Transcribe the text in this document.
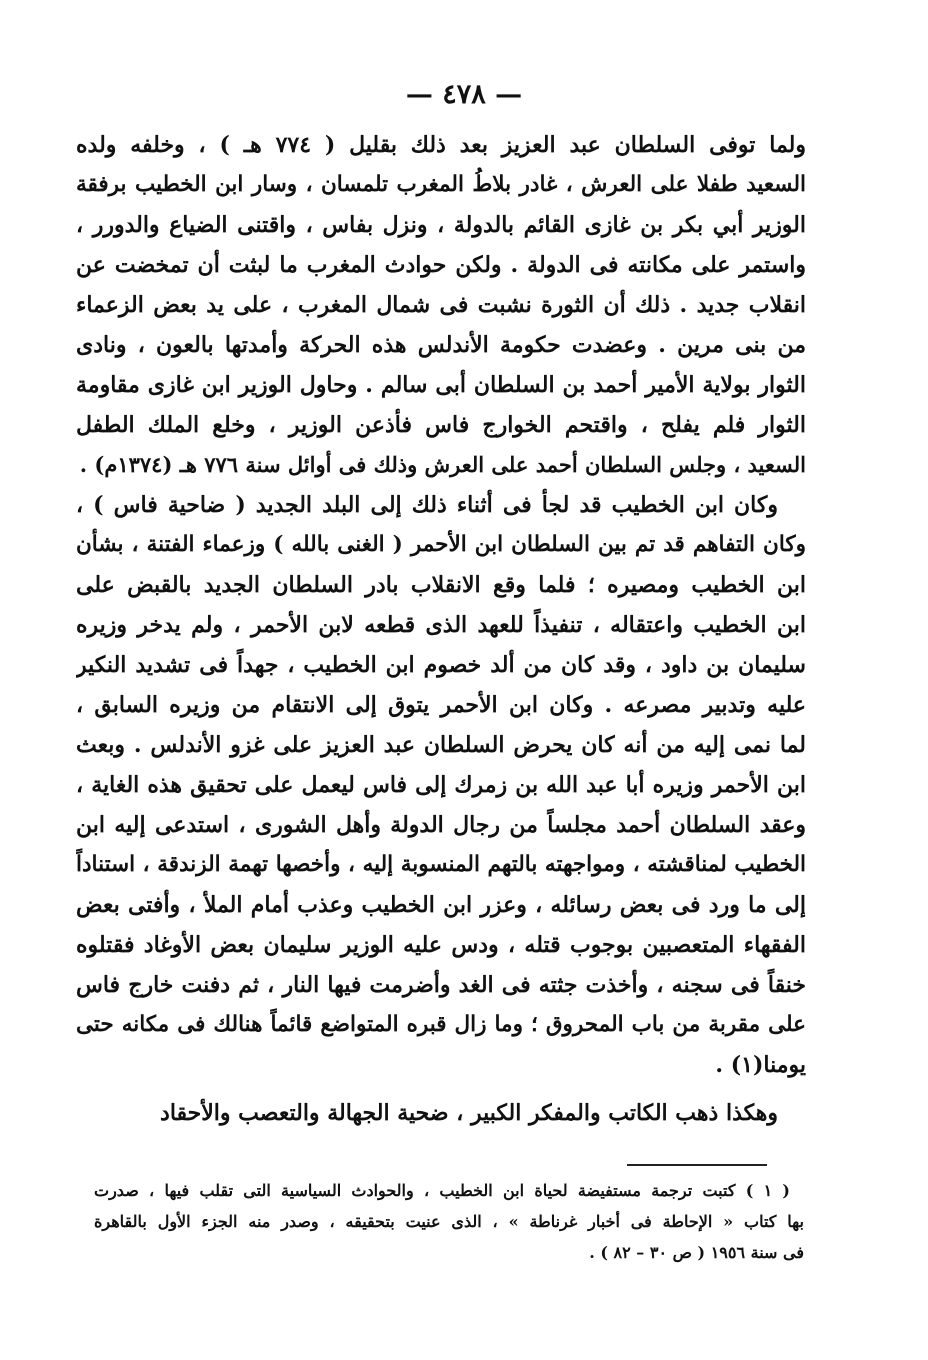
— ٤٧٨ —
ولما توفى السلطان عبد العزيز بعد ذلك بقليل ( ٧٧٤ هـ ) ، وخلفه ولده
السعيد طفلا على العرش ، غادر بلاطُ المغرب تلمسان ، وسار ابن الخطيب برفقة
الوزير أبي بكر بن غازى القائم بالدولة ، ونزل بفاس ، واقتنى الضياع والدورر ،
واستمر على مكانته فى الدولة . ولكن حوادث المغرب ما لبثت أن تمخضت عن
انقلاب جديد . ذلك أن الثورة نشبت فى شمال المغرب ، على يد بعض الزعماء
من بنى مرين . وعضدت حكومة الأندلس هذه الحركة وأمدتها بالعون ، ونادى
الثوار بولاية الأمير أحمد بن السلطان أبى سالم . وحاول الوزير ابن غازى مقاومة
الثوار فلم يفلح ، واقتحم الخوارج فاس فأذعن الوزير ، وخلع الملك الطفل
السعيد ، وجلس السلطان أحمد على العرش وذلك فى أوائل سنة ٧٧٦ هـ (١٣٧٤م) .
وكان ابن الخطيب قد لجأ فى أثناء ذلك إلى البلد الجديد ( ضاحية فاس ) ،
وكان التفاهم قد تم بين السلطان ابن الأحمر ( الغنى بالله ) وزعماء الفتنة ، بشأن
ابن الخطيب ومصيره ؛ فلما وقع الانقلاب بادر السلطان الجديد بالقبض على
ابن الخطيب واعتقاله ، تنفيذاً للعهد الذى قطعه لابن الأحمر ، ولم يدخر وزيره
سليمان بن داود ، وقد كان من ألد خصوم ابن الخطيب ، جهداً فى تشديد النكير
عليه وتدبير مصرعه . وكان ابن الأحمر يتوق إلى الانتقام من وزيره السابق ،
لما نمى إليه من أنه كان يحرض السلطان عبد العزيز على غزو الأندلس . وبعث
ابن الأحمر وزيره أبا عبد الله بن زمرك إلى فاس ليعمل على تحقيق هذه الغاية ،
وعقد السلطان أحمد مجلساً من رجال الدولة وأهل الشورى ، استدعى إليه ابن
الخطيب لمناقشته ، ومواجهته بالتهم المنسوبة إليه ، وأخصها تهمة الزندقة ، استناداً
إلى ما ورد فى بعض رسائله ، وعزر ابن الخطيب وعذب أمام الملأ ، وأفتى بعض
الفقهاء المتعصبين بوجوب قتله ، ودس عليه الوزير سليمان بعض الأوغاد فقتلوه
خنقاً فى سجنه ، وأخذت جثته فى الغد وأضرمت فيها النار ، ثم دفنت خارج فاس
على مقربة من باب المحروق ؛ وما زال قبره المتواضع قائماً هنالك فى مكانه حتى
يومنا(١) .
وهكذا ذهب الكاتب والمفكر الكبير ، ضحية الجهالة والتعصب والأحقاد
( ١ ) كتبت ترجمة مستفيضة لحياة ابن الخطيب ، والحوادث السياسية التى تقلب فيها ، صدرت
بها كتاب « الإحاطة فى أخبار غرناطة » ، الذى عنيت بتحقيقه ، وصدر منه الجزء الأول بالقاهرة
فى سنة ١٩٥٦ ( ص ٣٠ – ٨٢ ) .
